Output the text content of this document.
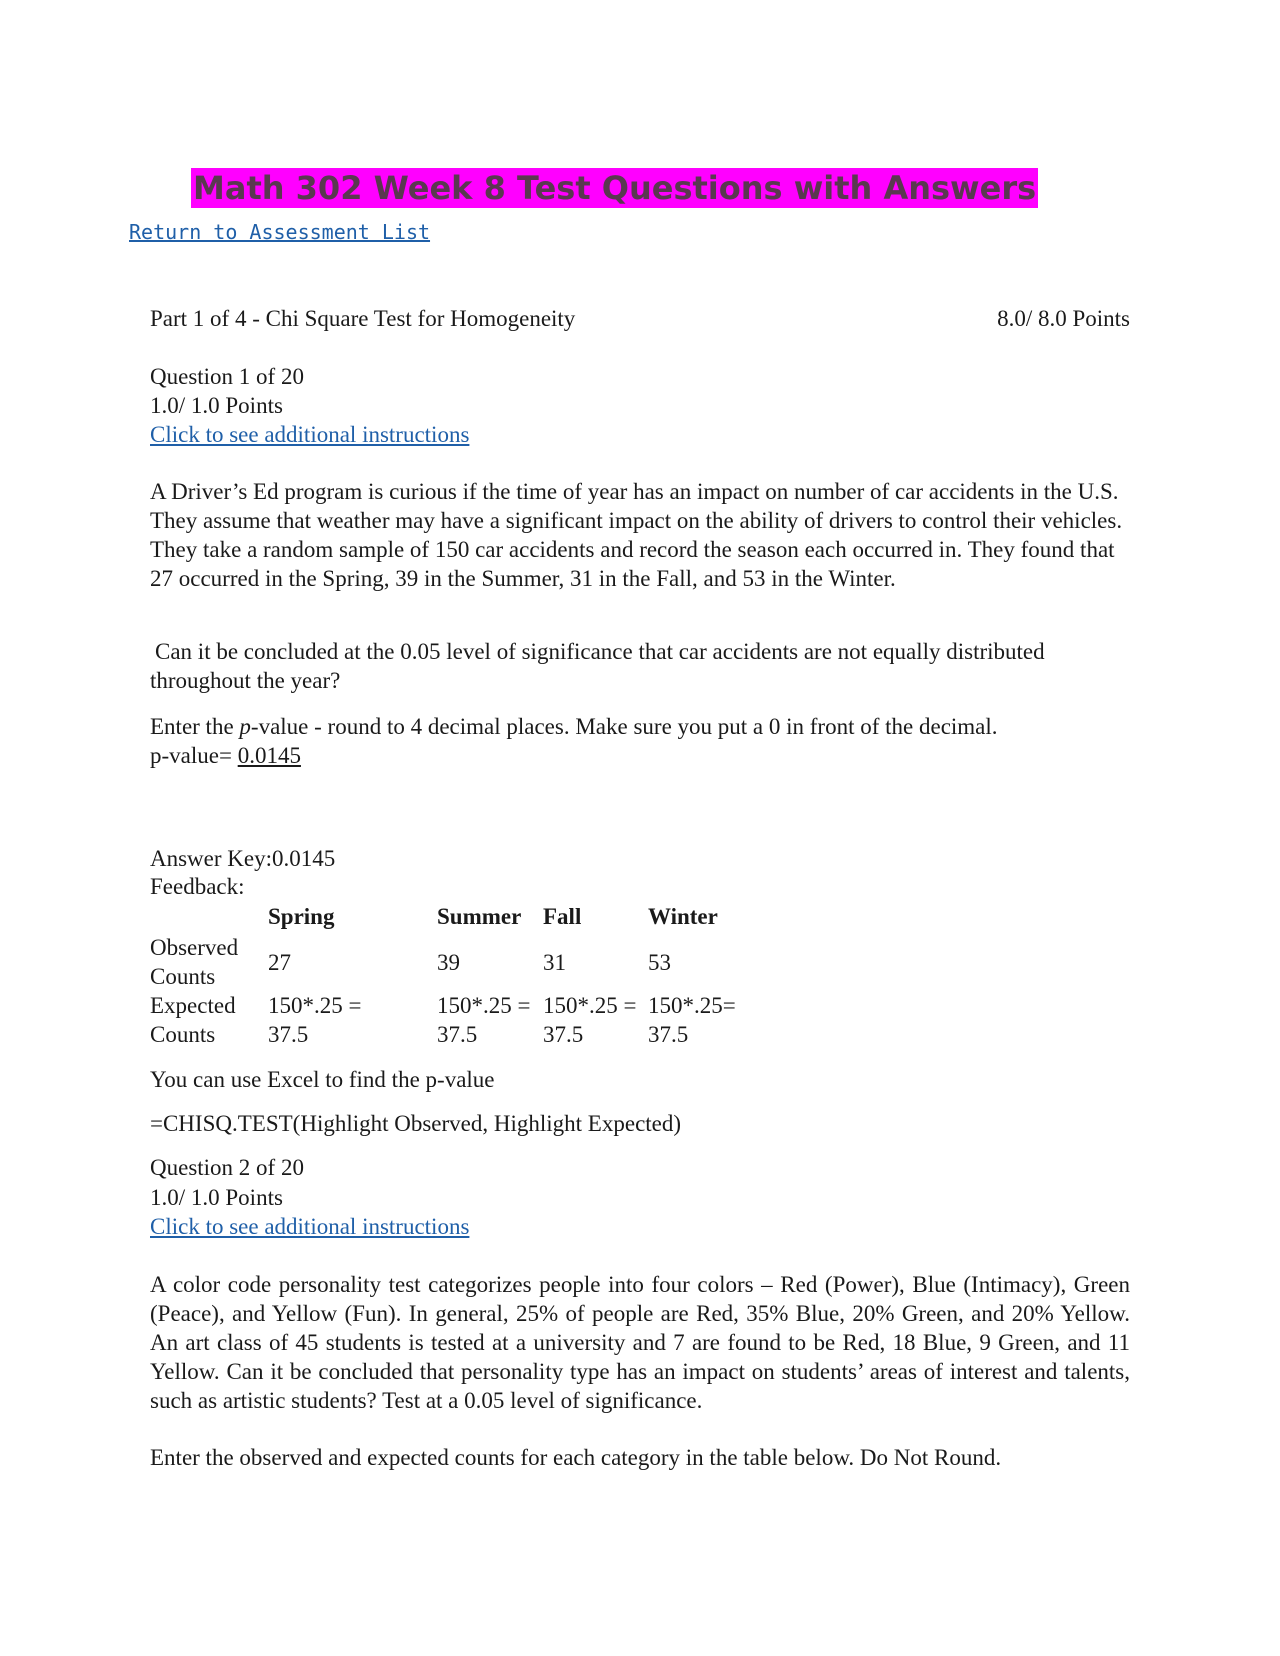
Math 302 Week 8 Test Questions with Answers
Return to Assessment List
Part 1 of 4 - Chi Square Test for Homogeneity	8.0/ 8.0 Points
Question 1 of 20
1.0/ 1.0 Points
Click to see additional instructions
A Driver’s Ed program is curious if the time of year has an impact on number of car accidents in the U.S. They assume that weather may have a significant impact on the ability of drivers to control their vehicles. They take a random sample of 150 car accidents and record the season each occurred in. They found that 27 occurred in the Spring, 39 in the Summer, 31 in the Fall, and 53 in the Winter.
Can it be concluded at the 0.05 level of significance that car accidents are not equally distributed throughout the year?
Enter the p-value - round to 4 decimal places. Make sure you put a 0 in front of the decimal.
p-value= 0.0145
Answer Key:0.0145
Feedback:
	Spring	Summer	Fall	Winter
Observed Counts	27	39	31	53
Expected Counts	150*.25 = 37.5	150*.25 = 37.5	150*.25 = 37.5	150*.25= 37.5
You can use Excel to find the p-value
=CHISQ.TEST(Highlight Observed, Highlight Expected)
Question 2 of 20
1.0/ 1.0 Points
Click to see additional instructions
A color code personality test categorizes people into four colors – Red (Power), Blue (Intimacy), Green (Peace), and Yellow (Fun). In general, 25% of people are Red, 35% Blue, 20% Green, and 20% Yellow. An art class of 45 students is tested at a university and 7 are found to be Red, 18 Blue, 9 Green, and 11 Yellow. Can it be concluded that personality type has an impact on students’ areas of interest and talents, such as artistic students? Test at a 0.05 level of significance.
Enter the observed and expected counts for each category in the table below. Do Not Round.
